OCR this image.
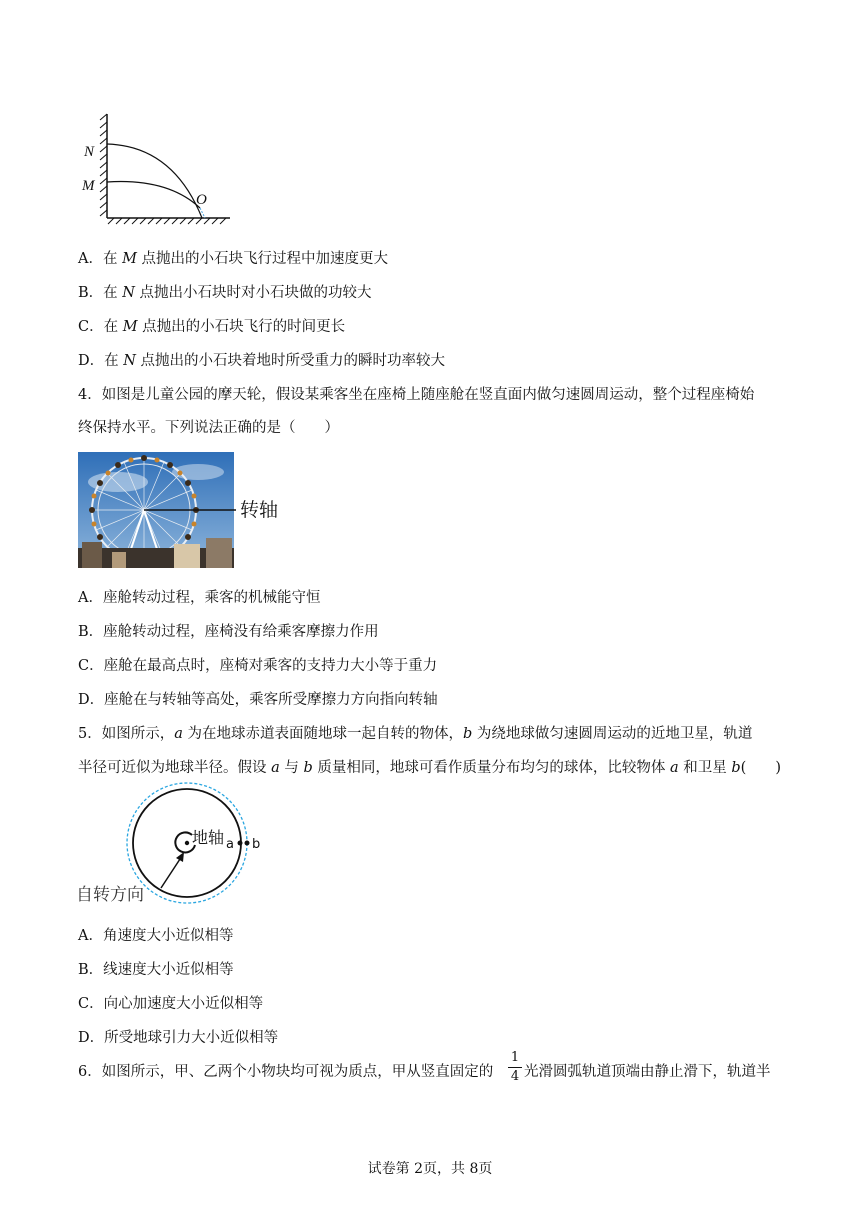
N
M
O
A．在 M 点抛出的小石块飞行过程中加速度更大
B．在 N 点抛出小石块时对小石块做的功较大
C．在 M 点抛出的小石块飞行的时间更长
D．在 N 点抛出的小石块着地时所受重力的瞬时功率较大
4．如图是儿童公园的摩天轮，假设某乘客坐在座椅上随座舱在竖直面内做匀速圆周运动，整个过程座椅始
终保持水平。下列说法正确的是（　　）
转轴
A．座舱转动过程，乘客的机械能守恒
B．座舱转动过程，座椅没有给乘客摩擦力作用
C．座舱在最高点时，座椅对乘客的支持力大小等于重力
D．座舱在与转轴等高处，乘客所受摩擦力方向指向转轴
5．如图所示，a 为在地球赤道表面随地球一起自转的物体，b 为绕地球做匀速圆周运动的近地卫星，轨道
半径可近似为地球半径。假设 a 与 b 质量相同，地球可看作质量分布均匀的球体，比较物体 a 和卫星 b(　　)
地轴 a b
自转方向
A．角速度大小近似相等
B．线速度大小近似相等
C．向心加速度大小近似相等
D．所受地球引力大小近似相等
6．如图所示，甲、乙两个小物块均可视为质点，甲从竖直固定的
1
4 光滑圆弧轨道顶端由静止滑下，轨道半
试卷第 2页，共 8页
